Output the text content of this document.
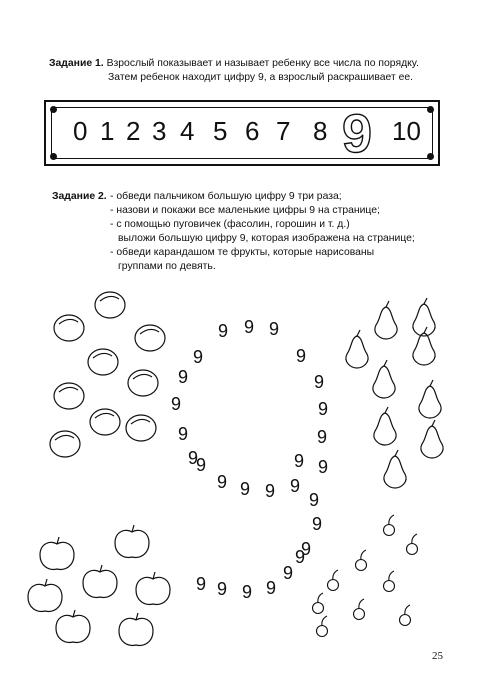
Задание 1. Взрослый показывает и называет ребенку все числа по порядку.
Затем ребенок находит цифру 9, а взрослый раскрашивает ее.
0 1 2 3 4 5 6 7 8 10
9
Задание 2. - обведи пальчиком большую цифру 9 три раза;
- назови и покажи все маленькие цифры 9 на странице;
- с помощью пуговичек (фасолин, горошин и т. д.)
выложи большую цифру 9, которая изображена на странице;
- обведи карандашом те фрукты, которые нарисованы
группами по девять.
9 9 9
9	9
9	9
9	9
9	9
9	9 9
9
9 9 9 9
9
9
9
9
9
9
9
9
9
25
